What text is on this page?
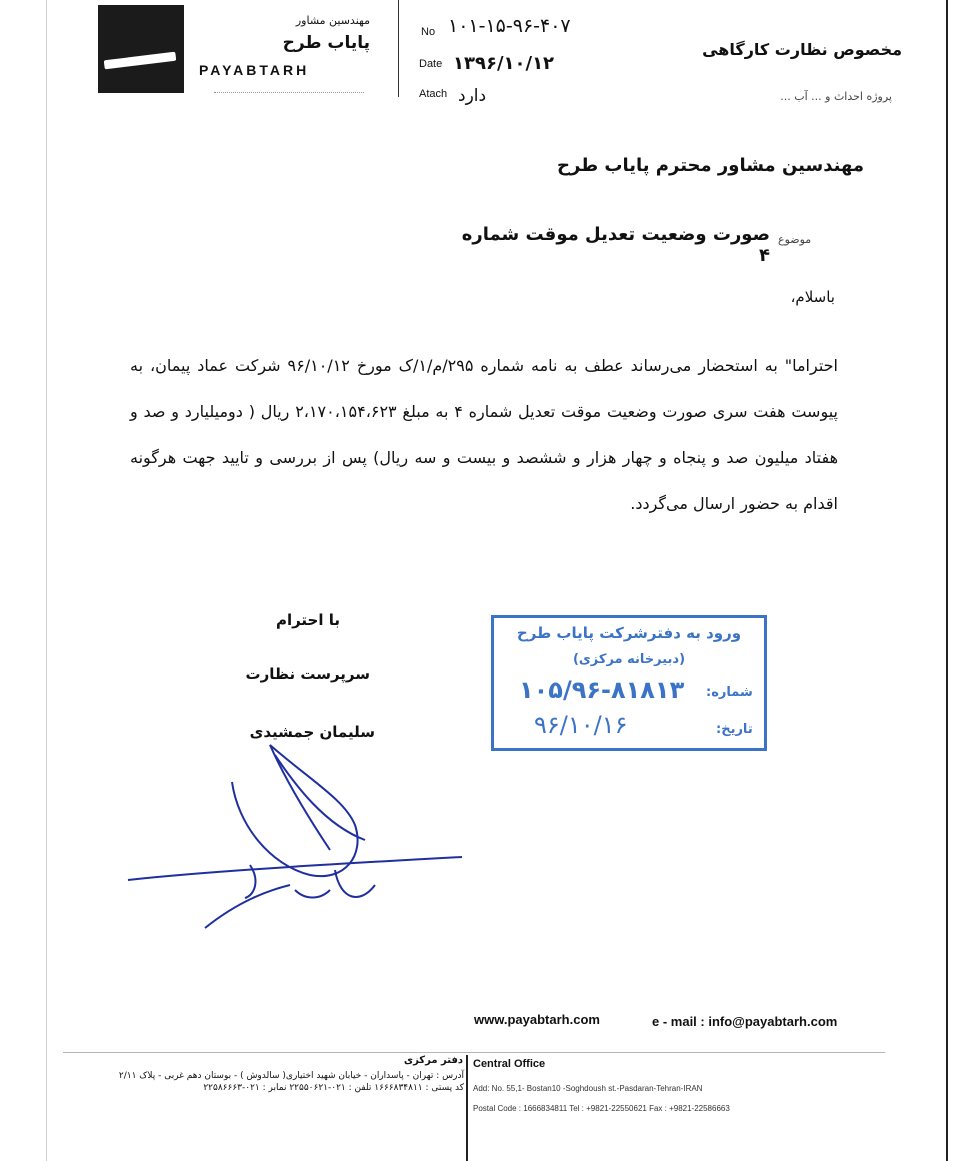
مهندسین مشاور
پایاب طرح
PAYABTARH
No ۱۰۱-۱۵-۹۶-۴۰۷
Date ۱۳۹۶/۱۰/۱۲
Atach دارد
مخصوص نظارت کارگاهی
پروژه احداث و ... آب ...
مهندسین مشاور محترم پایاب طرح
موضوع
صورت وضعیت تعدیل موقت شماره ۴
باسلام،
احتراما" به استحضار می‌رساند عطف به نامه شماره ۲۹۵/م/۱/ک مورخ ۹۶/۱۰/۱۲ شرکت عماد پیمان، به پیوست هفت سری صورت وضعیت موقت تعدیل شماره ۴ به مبلغ ۲،۱۷۰،۱۵۴،۶۲۳ ریال ( دومیلیارد و صد و هفتاد میلیون صد و پنجاه و چهار هزار و ششصد و بیست و سه ریال) پس از بررسی و تایید جهت هرگونه اقدام به حضور ارسال می‌گردد.
با احترام
سرپرست نظارت
سلیمان جمشیدی
ورود به دفترشرکت پایاب طرح
(دبیرخانه مرکزی)
شماره:
۱۰۵/۹۶-۸۱۸۱۳
تاریخ:
۹۶/۱۰/۱۶
www.payabtarh.com	e - mail : info@payabtarh.com
دفتر مرکزی Central Office
آدرس : تهران - پاسداران - خیابان شهید اختیاری( سالدوش ) - بوستان دهم غربی - پلاک ۲/۱۱
کد پستی : ۱۶۶۶۸۳۴۸۱۱ تلفن : ۰۲۱-۲۲۵۵۰۶۲۱ نمابر : ۰۲۱-۲۲۵۸۶۶۶۳ Add: No. 55,1- Bostan10 -Soghdoush st.-Pasdaran-Tehran-IRAN
Postal Code : 1666834811 Tel : +9821-22550621 Fax : +9821-22586663
